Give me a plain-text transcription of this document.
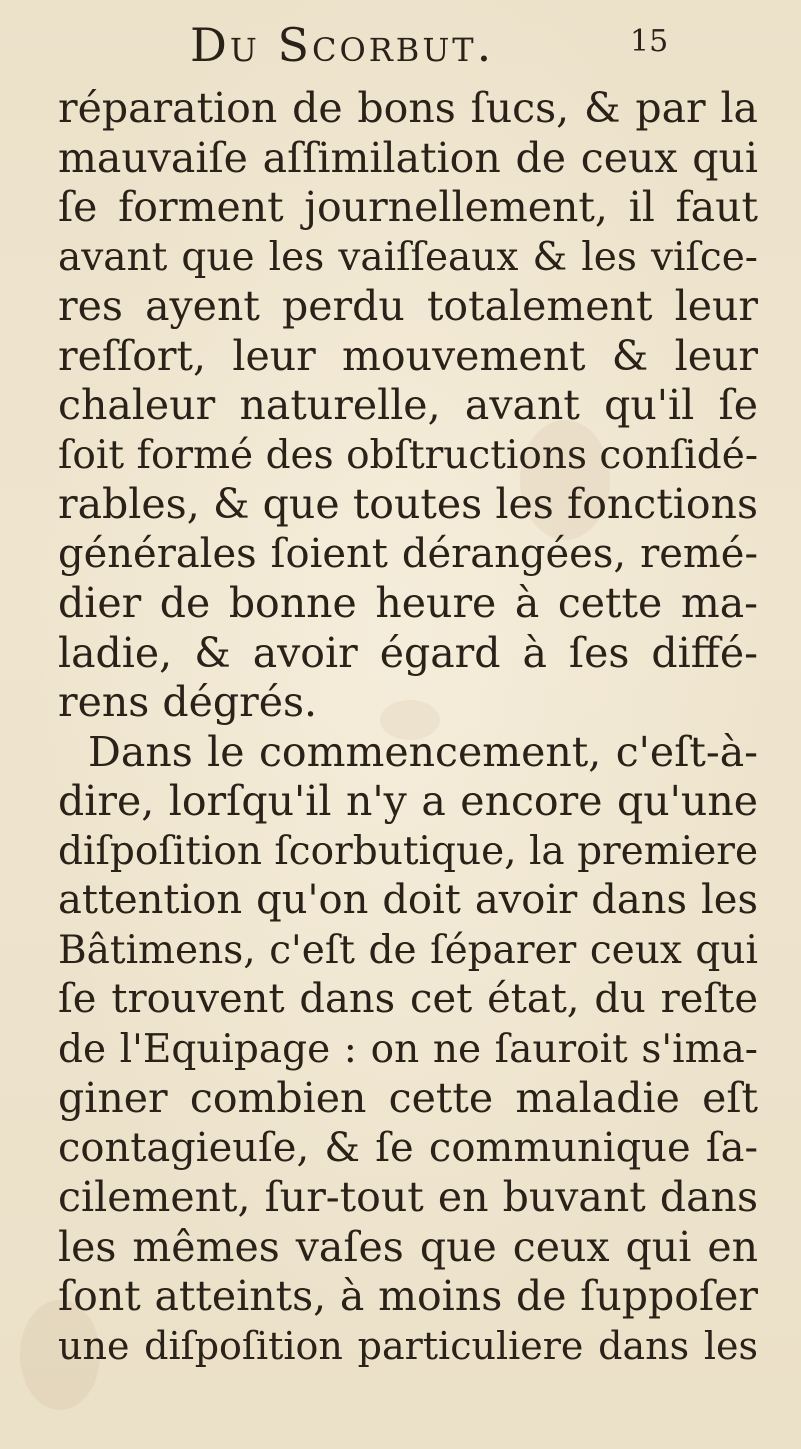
Du Scorbut.	15
réparation de bons ſucs, & par la
mauvaiſe aſſimilation de ceux qui
ſe forment journellement, il faut
avant que les vaiſſeaux & les viſce-
res ayent perdu totalement leur
reſſort, leur mouvement & leur
chaleur naturelle, avant qu'il ſe
ſoit formé des obſtructions conſidé-
rables, & que toutes les fonctions
générales ſoient dérangées, remé-
dier de bonne heure à cette ma-
ladie, & avoir égard à ſes diffé-
rens dégrés.
Dans le commencement, c'eſt-à-
dire, lorſqu'il n'y a encore qu'une
diſpoſition ſcorbutique, la premiere
attention qu'on doit avoir dans les
Bâtimens, c'eſt de ſéparer ceux qui
ſe trouvent dans cet état, du reſte
de l'Equipage : on ne ſauroit s'ima-
giner combien cette maladie eſt
contagieuſe, & ſe communique ſa-
cilement, ſur-tout en buvant dans
les mêmes vaſes que ceux qui en
ſont atteints, à moins de ſuppoſer
une diſpoſition particuliere dans les
